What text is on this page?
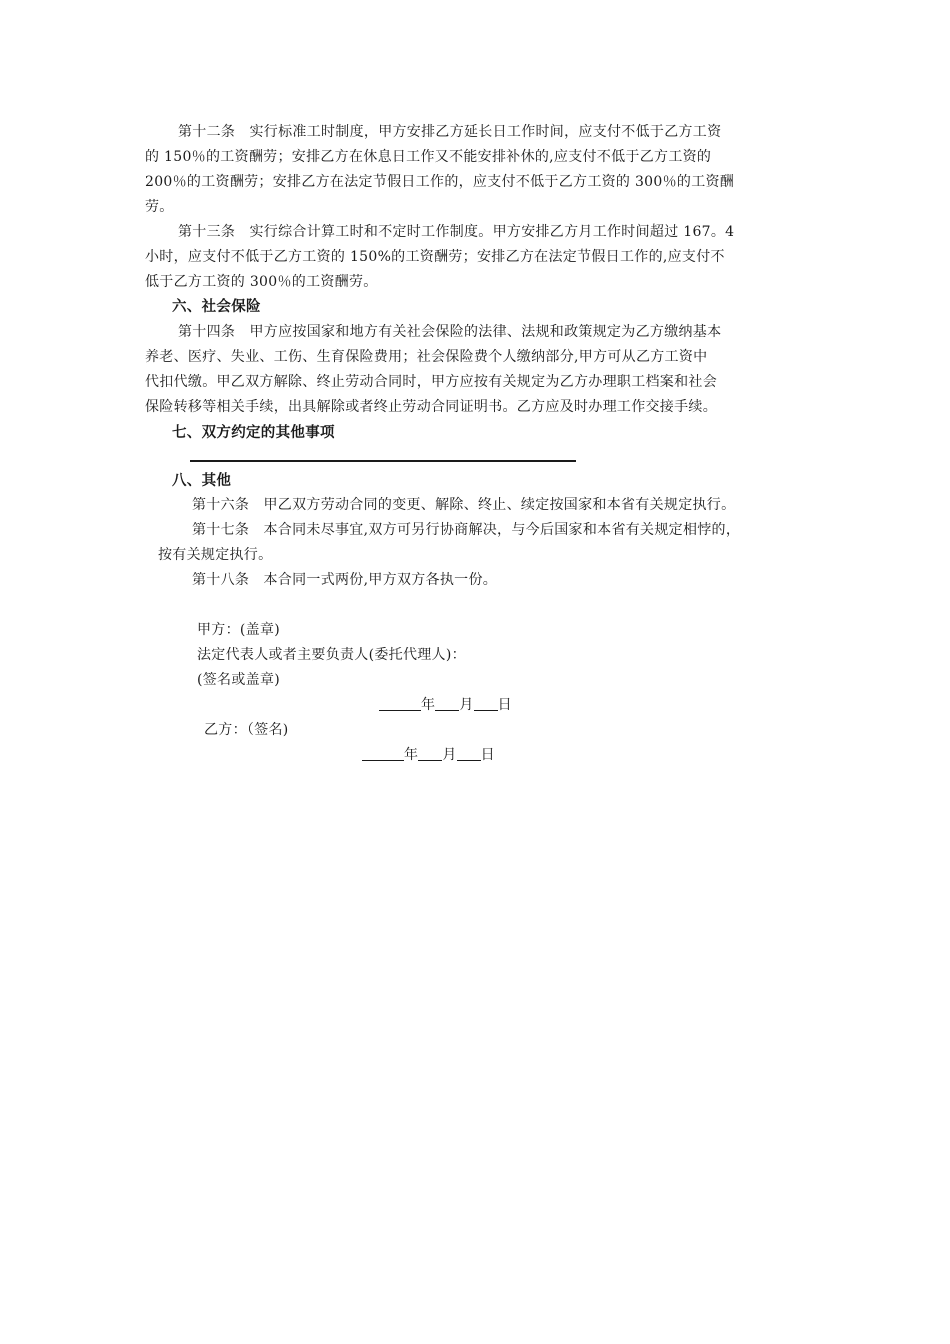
第十二条　实行标准工时制度，甲方安排乙方延长日工作时间，应支付不低于乙方工资
的 150％的工资酬劳；安排乙方在休息日工作又不能安排补休的,应支付不低于乙方工资的
200％的工资酬劳；安排乙方在法定节假日工作的，应支付不低于乙方工资的 300％的工资酬
劳。
第十三条　实行综合计算工时和不定时工作制度。甲方安排乙方月工作时间超过 167。4
小时，应支付不低于乙方工资的 150%的工资酬劳；安排乙方在法定节假日工作的,应支付不
低于乙方工资的 300％的工资酬劳。
六、社会保险
第十四条　甲方应按国家和地方有关社会保险的法律、法规和政策规定为乙方缴纳基本
养老、医疗、失业、工伤、生育保险费用；社会保险费个人缴纳部分,甲方可从乙方工资中
代扣代缴。甲乙双方解除、终止劳动合同时，甲方应按有关规定为乙方办理职工档案和社会
保险转移等相关手续，出具解除或者终止劳动合同证明书。乙方应及时办理工作交接手续。
七、双方约定的其他事项
八、其他
第十六条　甲乙双方劳动合同的变更、解除、终止、续定按国家和本省有关规定执行。
第十七条　本合同未尽事宜,双方可另行协商解决，与今后国家和本省有关规定相悖的，
按有关规定执行。
第十八条　本合同一式两份,甲方双方各执一份。
甲方：(盖章)
法定代表人或者主要负责人(委托代理人)：
(签名或盖章)
年 月 日
乙方：（签名)
年 月 日
